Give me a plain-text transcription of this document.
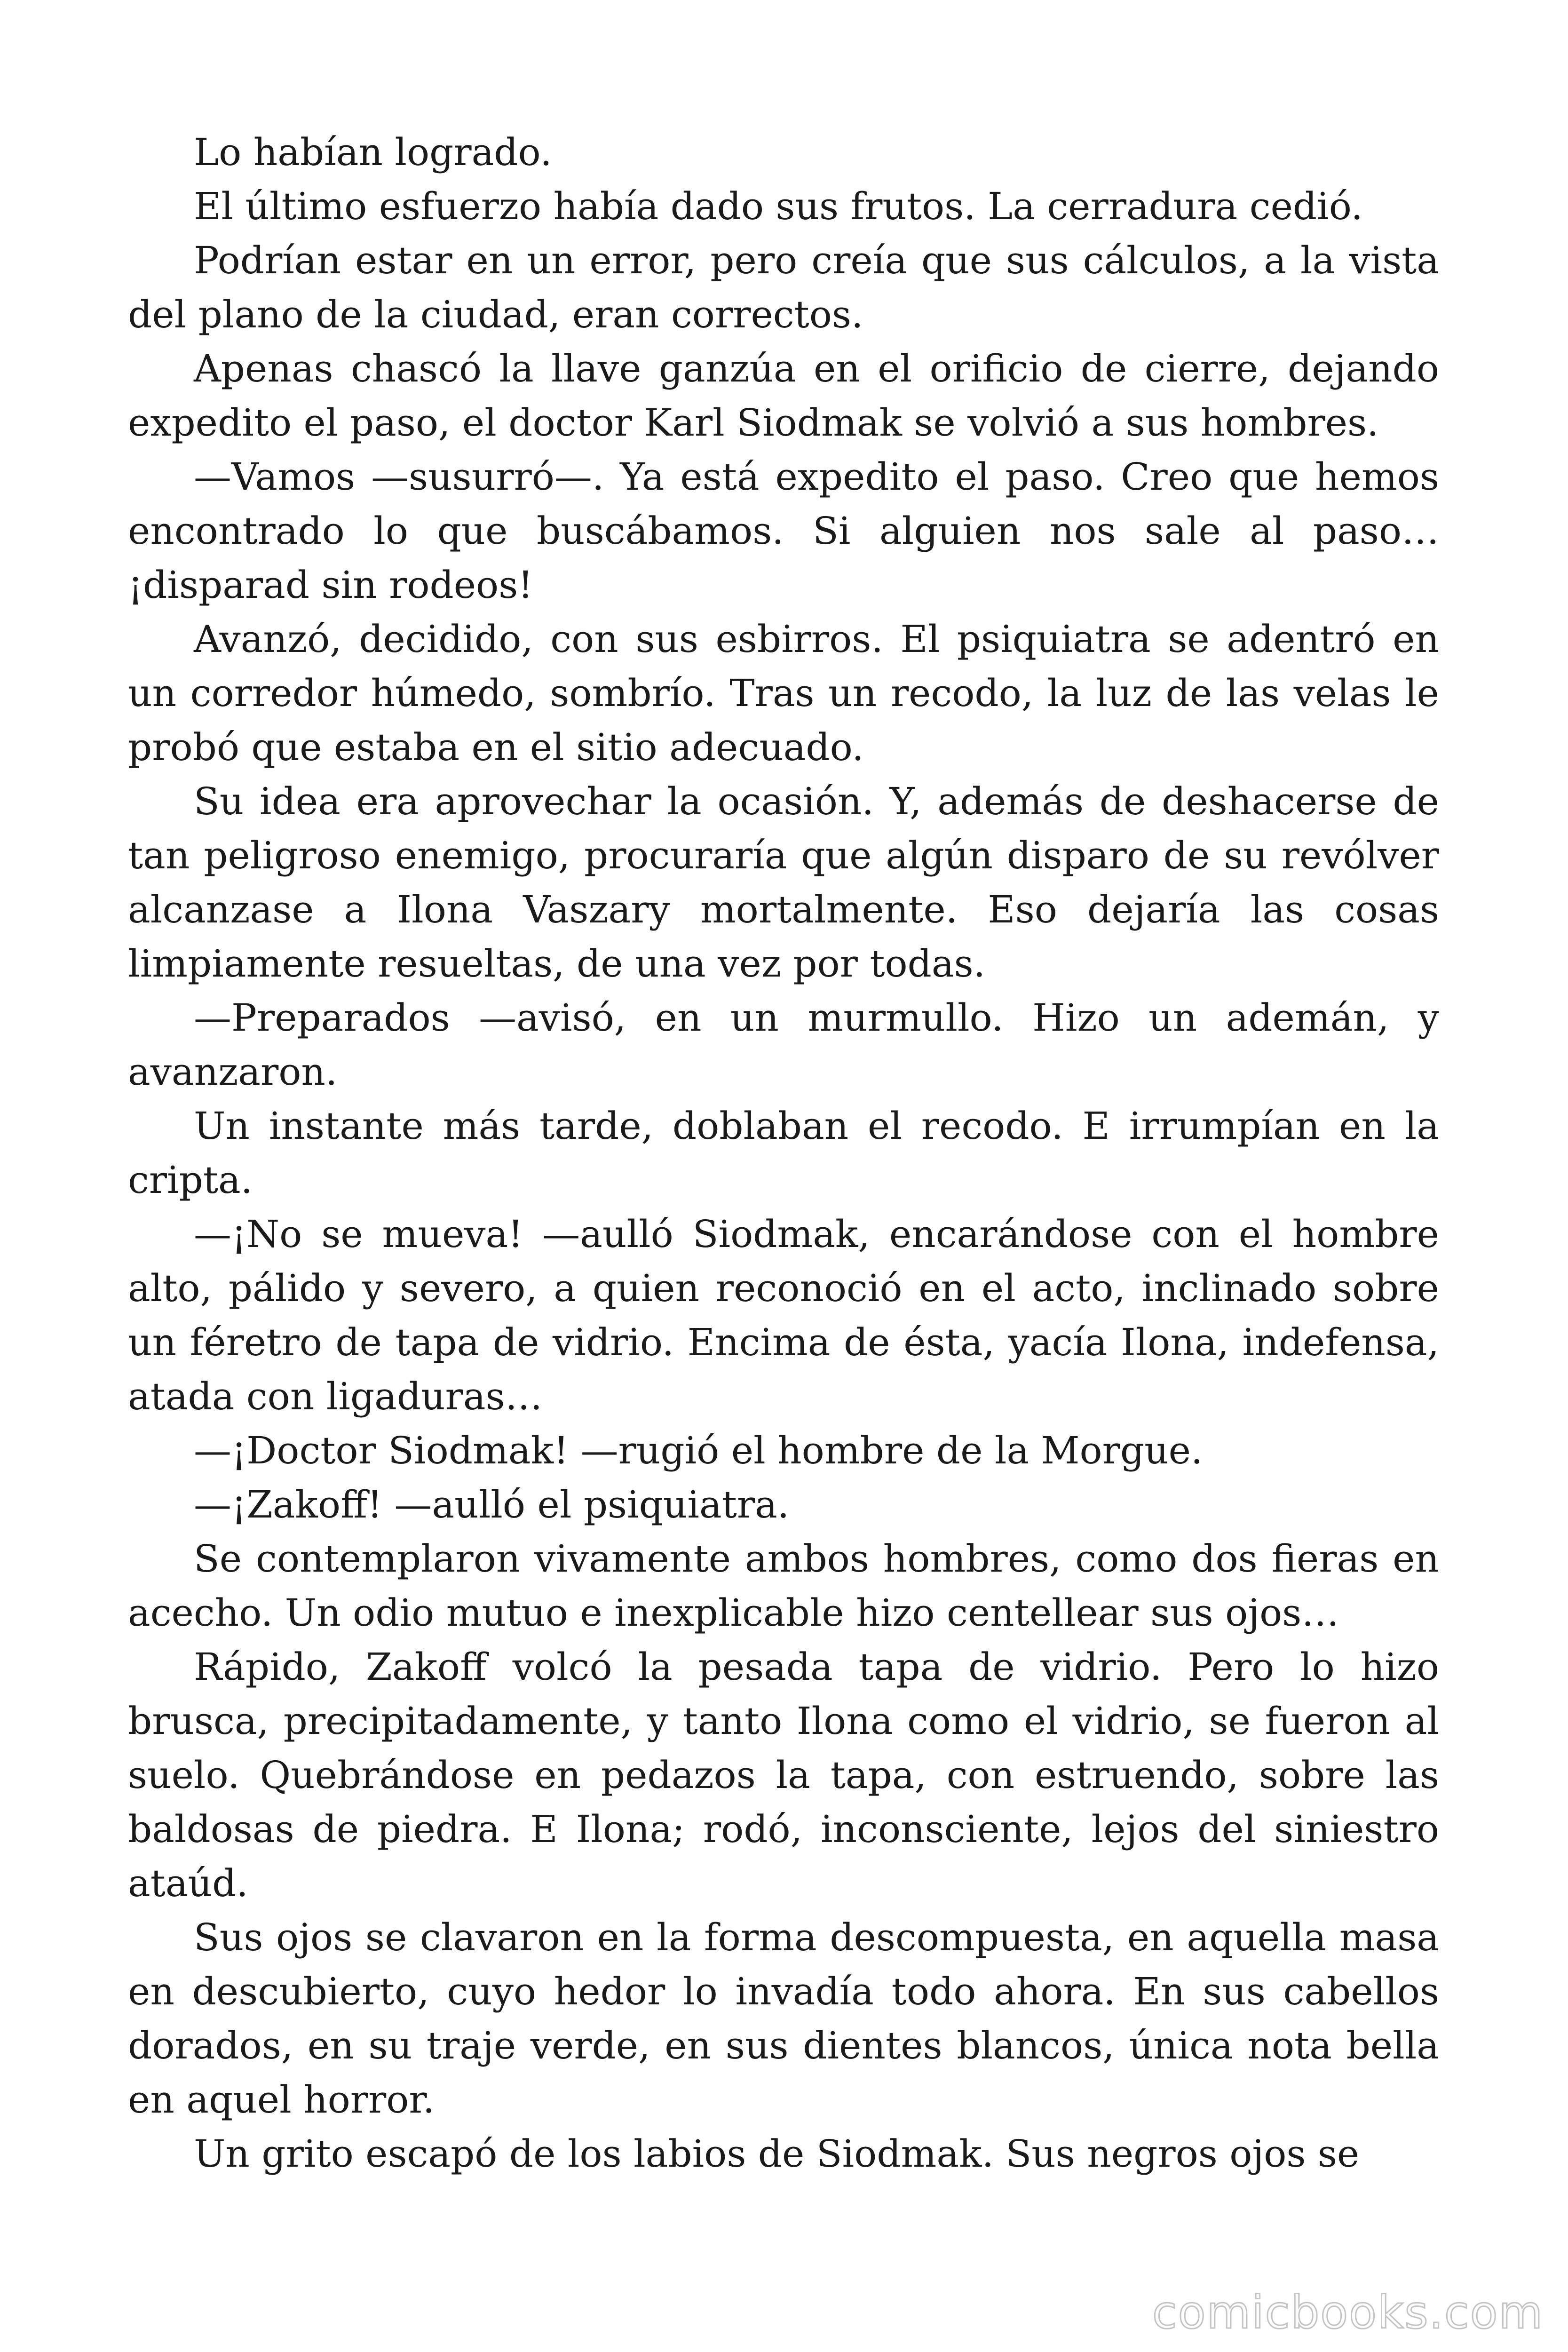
Lo habían logrado.

El último esfuerzo había dado sus frutos. La cerradura cedió.

Podrían estar en un error, pero creía que sus cálculos, a la vista del plano de la ciudad, eran correctos.

Apenas chascó la llave ganzúa en el orificio de cierre, dejando expedito el paso, el doctor Karl Siodmak se volvió a sus hombres.

—Vamos —susurró—. Ya está expedito el paso. Creo que hemos encontrado lo que buscábamos. Si alguien nos sale al paso… ¡disparad sin rodeos!

Avanzó, decidido, con sus esbirros. El psiquiatra se adentró en un corredor húmedo, sombrío. Tras un recodo, la luz de las velas le probó que estaba en el sitio adecuado.

Su idea era aprovechar la ocasión. Y, además de deshacerse de tan peligroso enemigo, procuraría que algún disparo de su revólver alcanzase a Ilona Vaszary mortalmente. Eso dejaría las cosas limpiamente resueltas, de una vez por todas.

—Preparados —avisó, en un murmullo. Hizo un ademán, y avanzaron.

Un instante más tarde, doblaban el recodo. E irrumpían en la cripta.

—¡No se mueva! —aulló Siodmak, encarándose con el hombre alto, pálido y severo, a quien reconoció en el acto, inclinado sobre un féretro de tapa de vidrio. Encima de ésta, yacía Ilona, indefensa, atada con ligaduras…

—¡Doctor Siodmak! —rugió el hombre de la Morgue.

—¡Zakoff! —aulló el psiquiatra.

Se contemplaron vivamente ambos hombres, como dos fieras en acecho. Un odio mutuo e inexplicable hizo centellear sus ojos…

Rápido, Zakoff volcó la pesada tapa de vidrio. Pero lo hizo brusca, precipitadamente, y tanto Ilona como el vidrio, se fueron al suelo. Quebrándose en pedazos la tapa, con estruendo, sobre las baldosas de piedra. E Ilona; rodó, inconsciente, lejos del siniestro ataúd.

Sus ojos se clavaron en la forma descompuesta, en aquella masa en descubierto, cuyo hedor lo invadía todo ahora. En sus cabellos dorados, en su traje verde, en sus dientes blancos, única nota bella en aquel horror.

Un grito escapó de los labios de Siodmak. Sus negros ojos se

comicbooks.com
